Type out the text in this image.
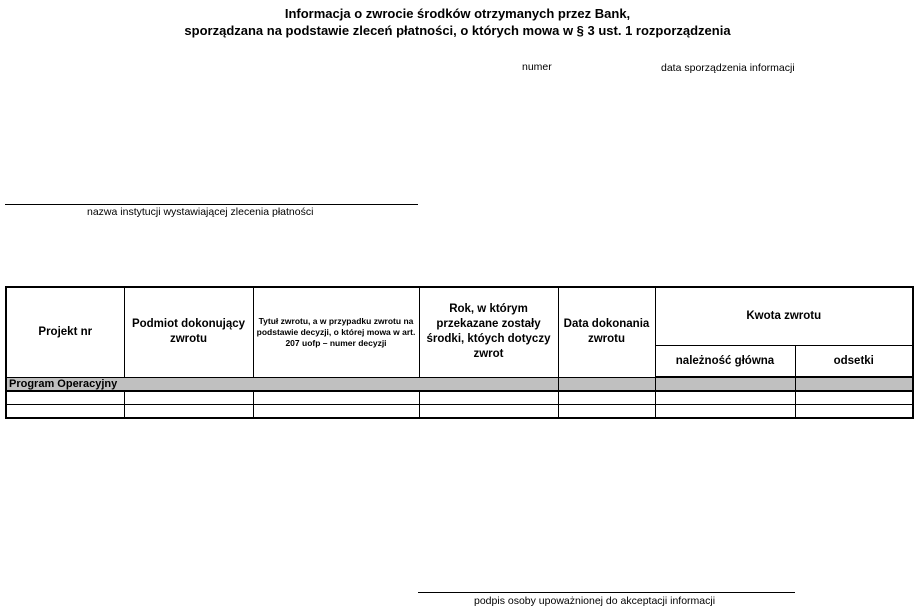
Informacja o zwrocie środków otrzymanych przez Bank,
sporządzana na podstawie zleceń płatności, o których mowa w § 3 ust. 1 rozporządzenia
numer	data sporządzenia informacji
nazwa instytucji wystawiającej zlecenia płatności
Projekt nr	Podmiot dokonujący zwrotu	Tytuł zwrotu, a w przypadku zwrotu na podstawie decyzji, o której mowa w art. 207 uofp – numer decyzji	Rok, w którym przekazane zostały środki, któych dotyczy zwrot	Data dokonania zwrotu	Kwota zwrotu	
					należność główna	odsetki
Program Operacyjny						

podpis osoby upoważnionej do akceptacji informacji
